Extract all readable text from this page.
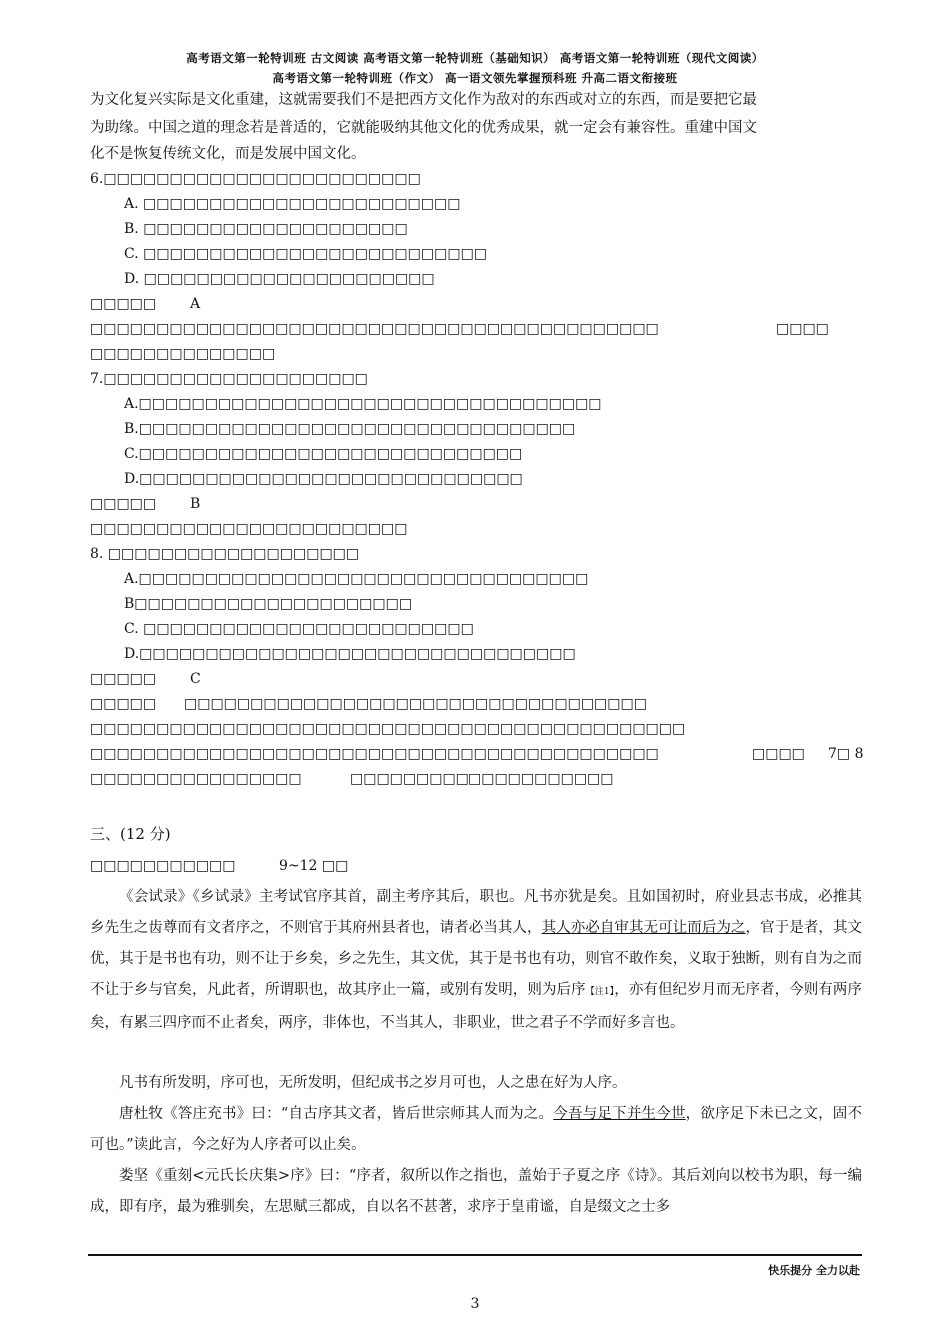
高考语文第一轮特训班 古文阅读 高考语文第一轮特训班（基础知识） 高考语文第一轮特训班（现代文阅读）
高考语文第一轮特训班（作文） 高一语文领先掌握预科班 升高二语文衔接班
为文化复兴实际是文化重建，这就需要我们不是把西方文化作为敌对的东西或对立的东西，而是要把它最
为助缘。中国之道的理念若是普适的，它就能吸纳其他文化的优秀成果，就一定会有兼容性。重建中国文
化不是恢复传统文化，而是发展中国文化。
6.□□□□□□□□□□□□□□□□□□□□□□□□
A. □□□□□□□□□□□□□□□□□□□□□□□□
B. □□□□□□□□□□□□□□□□□□□□
C. □□□□□□□□□□□□□□□□□□□□□□□□□□
D. □□□□□□□□□□□□□□□□□□□□□□
□□□□□ A
□□□□□□□□□□□□□□□□□□□□□□□□□□□□□□□□□□□□□□□□□□□	□□□□
□□□□□□□□□□□□□□
7.□□□□□□□□□□□□□□□□□□□□
A.□□□□□□□□□□□□□□□□□□□□□□□□□□□□□□□□□□□
B.□□□□□□□□□□□□□□□□□□□□□□□□□□□□□□□□□
C.□□□□□□□□□□□□□□□□□□□□□□□□□□□□□
D.□□□□□□□□□□□□□□□□□□□□□□□□□□□□□
□□□□□ B
□□□□□□□□□□□□□□□□□□□□□□□□
8. □□□□□□□□□□□□□□□□□□□
A.□□□□□□□□□□□□□□□□□□□□□□□□□□□□□□□□□□
B□□□□□□□□□□□□□□□□□□□□□
C. □□□□□□□□□□□□□□□□□□□□□□□□□
D.□□□□□□□□□□□□□□□□□□□□□□□□□□□□□□□□□
□□□□□ C
□□□□□ □□□□□□□□□□□□□□□□□□□□□□□□□□□□□□□□□□□
□□□□□□□□□□□□□□□□□□□□□□□□□□□□□□□□□□□□□□□□□□□□□
□□□□□□□□□□□□□□□□□□□□□□□□□□□□□□□□□□□□□□□□□□□	□□□□ 7□ 8
□□□□□□□□□□□□□□□□	□□□□□ □□□□ □□□□□□□□□□□
三、(12 分)
□□□□□□□□□□□	9~12 □□
《会试录》《乡试录》主考试官序其首，副主考序其后，职也。凡书亦犹是矣。且如国初时，府业县志书成，必推其乡先生之齿尊而有文者序之，不则官于其府州县者也，请者必当其人，其人亦必自审其无可让而后为之，官于是者，其文优，其于是书也有功，则不让于乡矣，乡之先生，其文优，其于是书也有功，则官不敢作矣，义取于独断，则有自为之而不让于乡与官矣，凡此者，所谓职也，故其序止一篇，或别有发明，则为后序【注1】，亦有但纪岁月而无序者，今则有两序矣，有累三四序而不止者矣，两序，非体也，不当其人，非职业，世之君子不学而好多言也。
凡书有所发明，序可也，无所发明，但纪成书之岁月可也，人之患在好为人序。
唐杜牧《答庄充书》曰：“自古序其文者，皆后世宗师其人而为之。今吾与足下并生今世，欲序足下未已之文，固不可也。”读此言，今之好为人序者可以止矣。
娄坚《重刻<元氏长庆集>序》曰：“序者，叙所以作之指也，盖始于子夏之序《诗》。其后刘向以校书为职，每一编成，即有序，最为雅驯矣，左思赋三都成，自以名不甚著，求序于皇甫谧，自是缀文之士多
快乐提分 全力以赴
3
